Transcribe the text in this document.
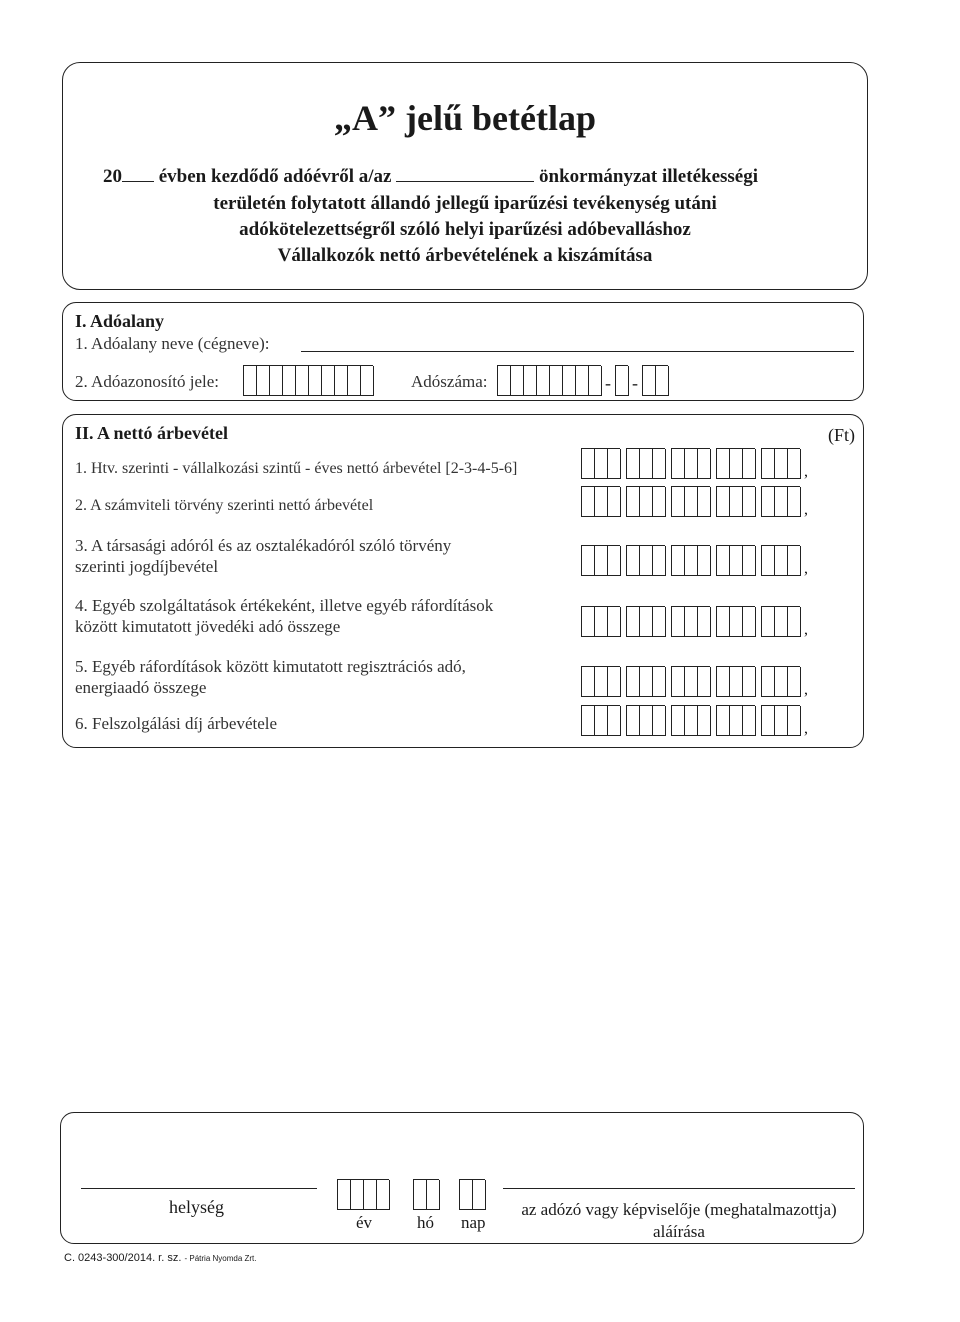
„A” jelű betétlap
20 évben kezdődő adóévről a/az	önkormányzat illetékességi
területén folytatott állandó jellegű iparűzési tevékenység utáni
adókötelezettségről szóló helyi iparűzési adóbevalláshoz
Vállalkozók nettó árbevételének a kiszámítása
I. Adóalany
1. Adóalany neve (cégneve):
2. Adóazonosító jele:	Adószáma:	- -
II. A nettó árbevétel	(Ft)
1. Htv. szerinti - vállalkozási szintű - éves nettó árbevétel [2-3-4-5-6]
2. A számviteli törvény szerinti nettó árbevétel
3. A társasági adóról és az osztalékadóról szóló törvény
szerinti jogdíjbevétel
4. Egyéb szolgáltatások értékeként, illetve egyéb ráfordítások
között kimutatott jövedéki adó összege
5. Egyéb ráfordítások között kimutatott regisztrációs adó,
energiaadó összege
6. Felszolgálási díj árbevétele
,
,
,
,
,
,
helység
év	hó nap
az adózó vagy képviselője (meghatalmazottja)
aláírása
C. 0243-300/2014. r. sz. - Pátria Nyomda Zrt.
